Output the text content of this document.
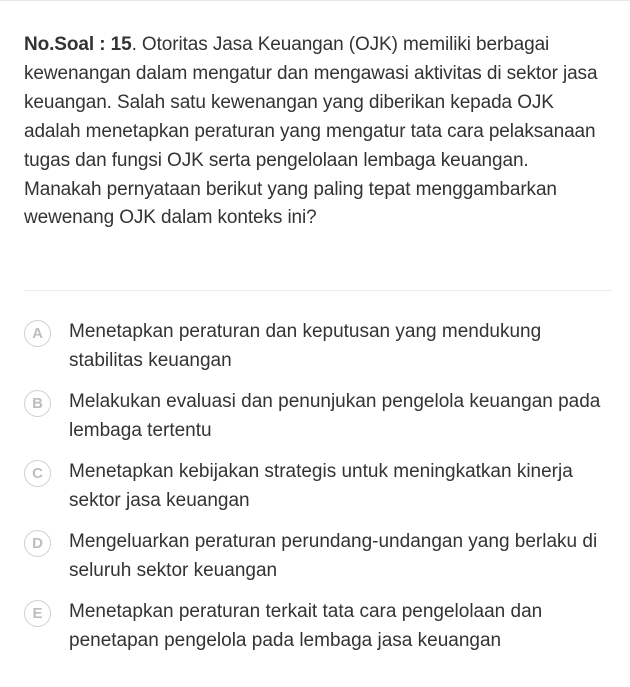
No.Soal : 15. Otoritas Jasa Keuangan (OJK) memiliki berbagai kewenangan dalam mengatur dan mengawasi aktivitas di sektor jasa keuangan. Salah satu kewenangan yang diberikan kepada OJK adalah menetapkan peraturan yang mengatur tata cara pelaksanaan tugas dan fungsi OJK serta pengelolaan lembaga keuangan.

Manakah pernyataan berikut yang paling tepat menggambarkan wewenang OJK dalam konteks ini?

A	Menetapkan peraturan dan keputusan yang mendukung stabilitas keuangan
B	Melakukan evaluasi dan penunjukan pengelola keuangan pada lembaga tertentu
C	Menetapkan kebijakan strategis untuk meningkatkan kinerja sektor jasa keuangan
D	Mengeluarkan peraturan perundang-undangan yang berlaku di seluruh sektor keuangan
E	Menetapkan peraturan terkait tata cara pengelolaan dan penetapan pengelola pada lembaga jasa keuangan
